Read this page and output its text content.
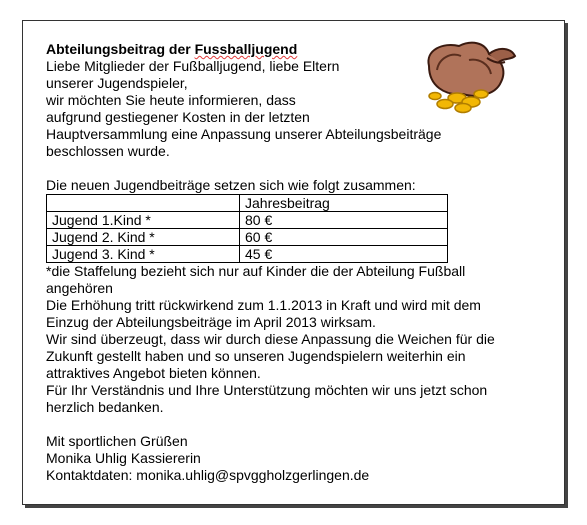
Abteilungsbeitrag der Fussballjugend
Liebe Mitglieder der Fußballjugend, liebe Eltern
unserer Jugendspieler,
wir möchten Sie heute informieren, dass
aufgrund gestiegener Kosten in der letzten
Hauptversammlung eine Anpassung unserer Abteilungsbeiträge
beschlossen wurde.
Die neuen Jugendbeiträge setzen sich wie folgt zusammen:
	Jahresbeitrag
Jugend 1.Kind *	80 €
Jugend 2. Kind *	60 €
Jugend 3. Kind *	45 €
*die Staffelung bezieht sich nur auf Kinder die der Abteilung Fußball
angehören
Die Erhöhung tritt rückwirkend zum 1.1.2013 in Kraft und wird mit dem
Einzug der Abteilungsbeiträge im April 2013 wirksam.
Wir sind überzeugt, dass wir durch diese Anpassung die Weichen für die
Zukunft gestellt haben und so unseren Jugendspielern weiterhin ein
attraktives Angebot bieten können.
Für Ihr Verständnis und Ihre Unterstützung möchten wir uns jetzt schon
herzlich bedanken.
Mit sportlichen Grüßen
Monika Uhlig Kassiererin
Kontaktdaten: monika.uhlig@spvggholzgerlingen.de
